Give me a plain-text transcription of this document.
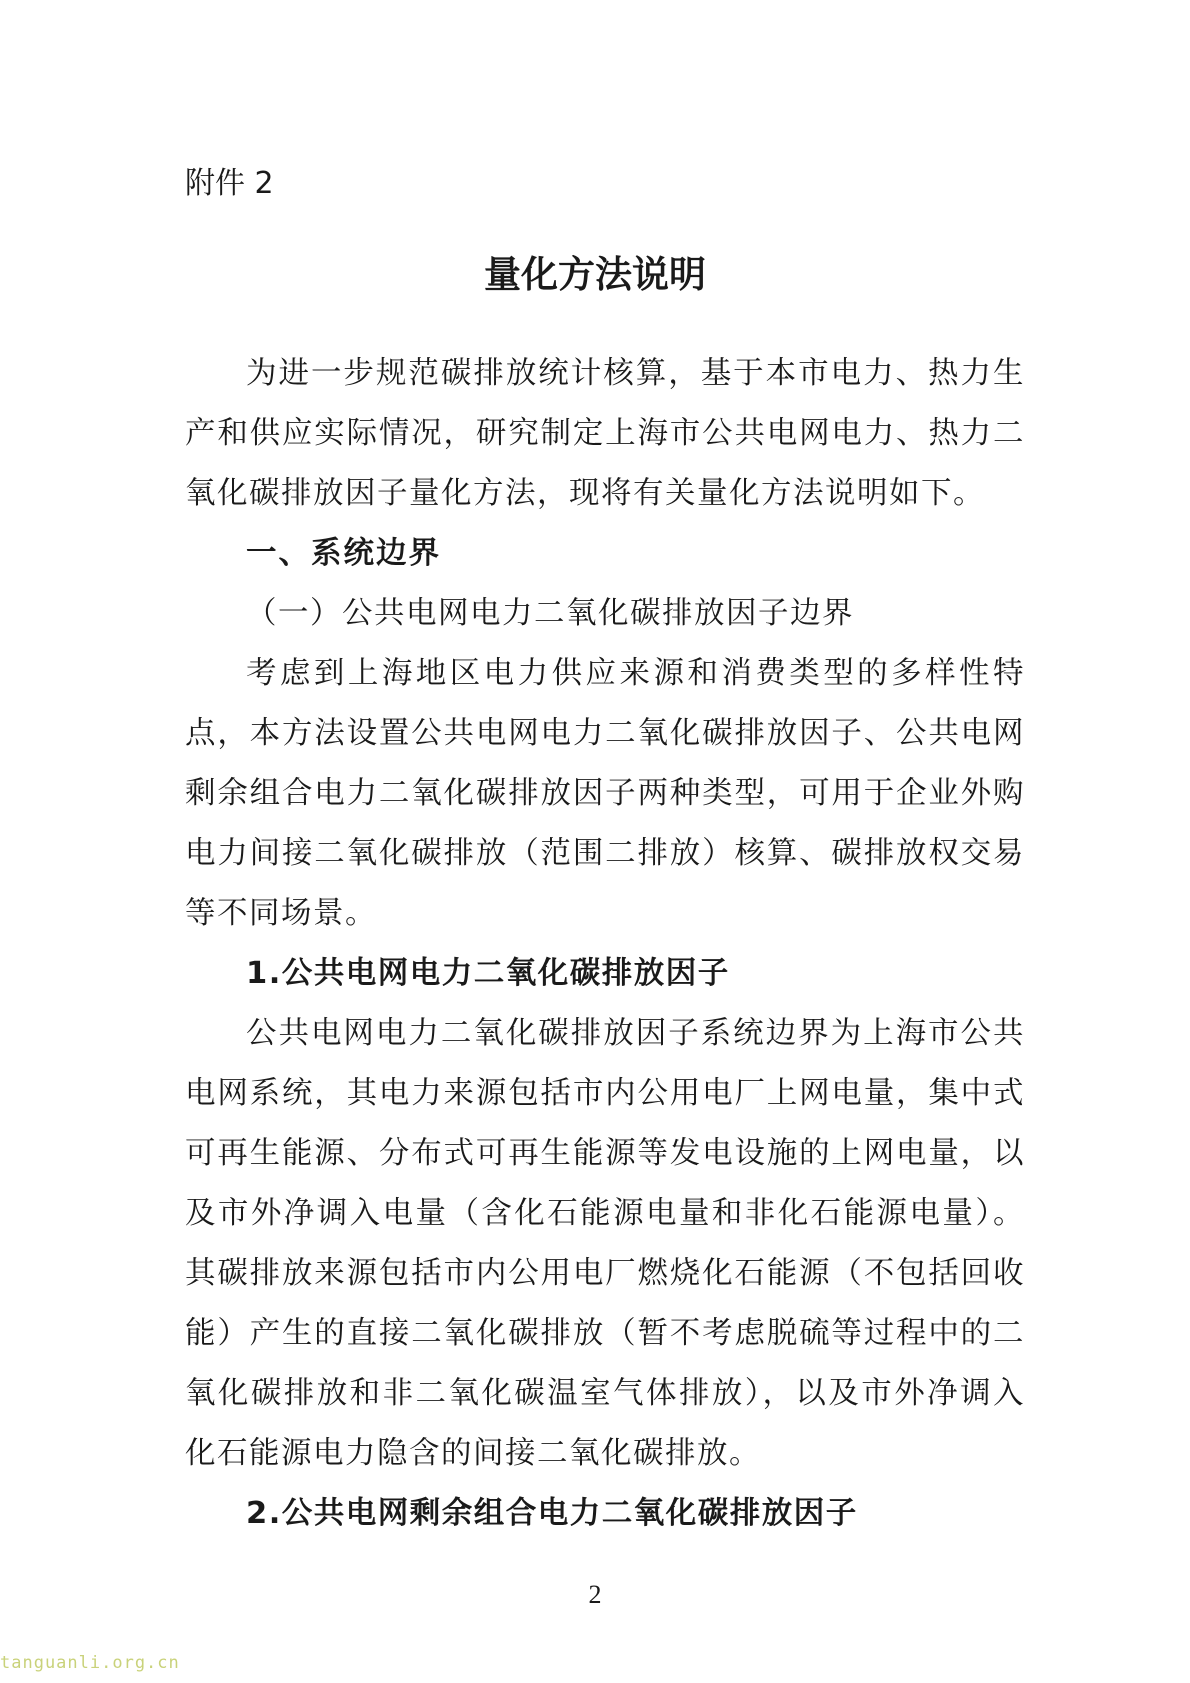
附件 2
量化方法说明

为进一步规范碳排放统计核算，基于本市电力、热力生产和供应实际情况，研究制定上海市公共电网电力、热力二氧化碳排放因子量化方法，现将有关量化方法说明如下。

一、系统边界

（一）公共电网电力二氧化碳排放因子边界

考虑到上海地区电力供应来源和消费类型的多样性特点，本方法设置公共电网电力二氧化碳排放因子、公共电网剩余组合电力二氧化碳排放因子两种类型，可用于企业外购电力间接二氧化碳排放（范围二排放）核算、碳排放权交易等不同场景。

1.公共电网电力二氧化碳排放因子

公共电网电力二氧化碳排放因子系统边界为上海市公共电网系统，其电力来源包括市内公用电厂上网电量，集中式可再生能源、分布式可再生能源等发电设施的上网电量，以及市外净调入电量（含化石能源电量和非化石能源电量）。其碳排放来源包括市内公用电厂燃烧化石能源（不包括回收能）产生的直接二氧化碳排放（暂不考虑脱硫等过程中的二氧化碳排放和非二氧化碳温室气体排放），以及市外净调入化石能源电力隐含的间接二氧化碳排放。

2.公共电网剩余组合电力二氧化碳排放因子

2
tanguanli.org.cn
